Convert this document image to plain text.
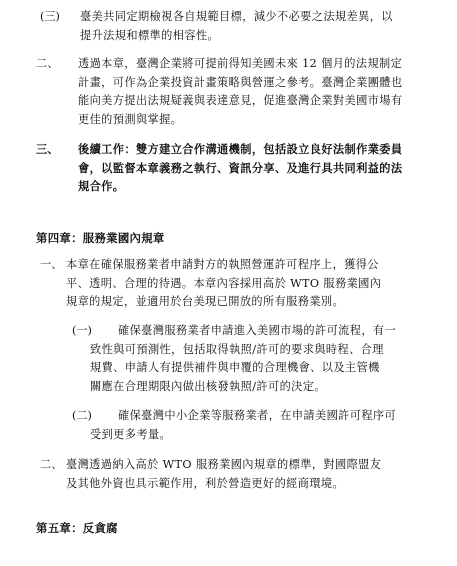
(三) 臺美共同定期檢視各自規範目標，減少不必要之法規差異，以
提升法規和標準的相容性。
二、 透過本章，臺灣企業將可提前得知美國未來 12 個月的法規制定
計畫，可作為企業投資計畫策略與營運之參考。臺灣企業團體也
能向美方提出法規疑義與表達意見，促進臺灣企業對美國市場有
更佳的預測與掌握。
三、 後續工作：雙方建立合作溝通機制，包括設立良好法制作業委員
會，以監督本章義務之執行、資訊分享、及進行具共同利益的法
規合作。
第四章：服務業國內規章
一、 本章在確保服務業者申請對方的執照營運許可程序上，獲得公
平、透明、合理的待遇。本章內容採用高於 WTO 服務業國內
規章的規定，並適用於台美現已開放的所有服務業別。
(一) 確保臺灣服務業者申請進入美國市場的許可流程，有一
致性與可預測性，包括取得執照/許可的要求與時程、合理
規費、申請人有提供補件與申覆的合理機會、以及主管機
關應在合理期限內做出核發執照/許可的決定。
(二) 確保臺灣中小企業等服務業者，在申請美國許可程序可
受到更多考量。
二、 臺灣透過納入高於 WTO 服務業國內規章的標準，對國際盟友
及其他外資也具示範作用，利於營造更好的經商環境。
第五章：反貪腐
